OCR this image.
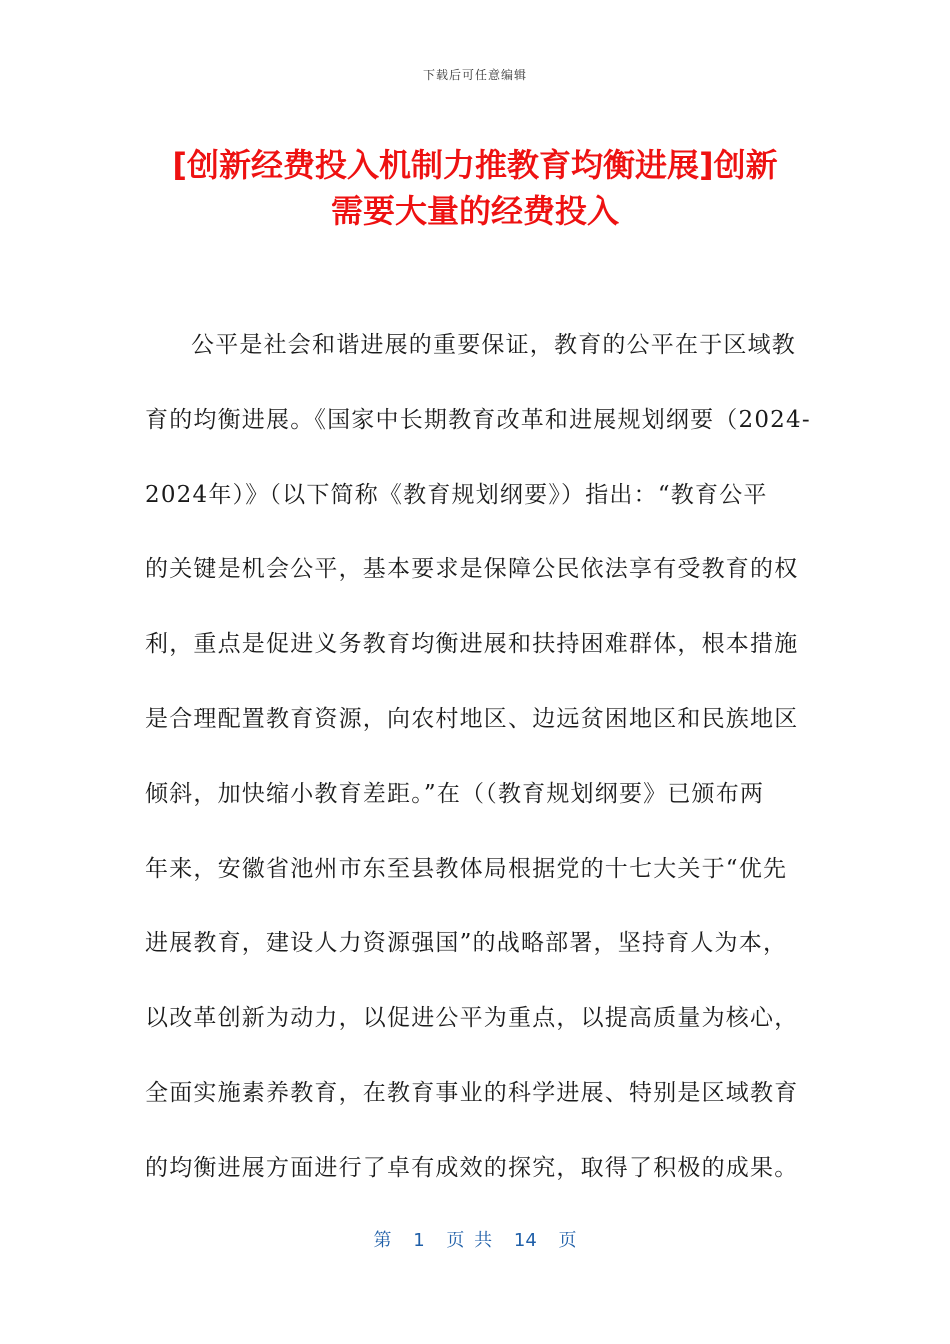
下载后可任意编辑
[创新经费投入机制力推教育均衡进展]创新
需要大量的经费投入
公平是社会和谐进展的重要保证，教育的公平在于区域教
育的均衡进展。《国家中长期教育改革和进展规划纲要（2024-
2024年）》（以下简称《教育规划纲要》）指出：“教育公平
的关键是机会公平，基本要求是保障公民依法享有受教育的权
利，重点是促进义务教育均衡进展和扶持困难群体，根本措施
是合理配置教育资源，向农村地区、边远贫困地区和民族地区
倾斜，加快缩小教育差距。”在（（教育规划纲要》已颁布两
年来，安徽省池州市东至县教体局根据党的十七大关于“优先
进展教育，建设人力资源强国”的战略部署，坚持育人为本，
以改革创新为动力，以促进公平为重点，以提高质量为核心，
全面实施素养教育，在教育事业的科学进展、特别是区域教育
的均衡进展方面进行了卓有成效的探究，取得了积极的成果。
第 1 页 共 14 页
